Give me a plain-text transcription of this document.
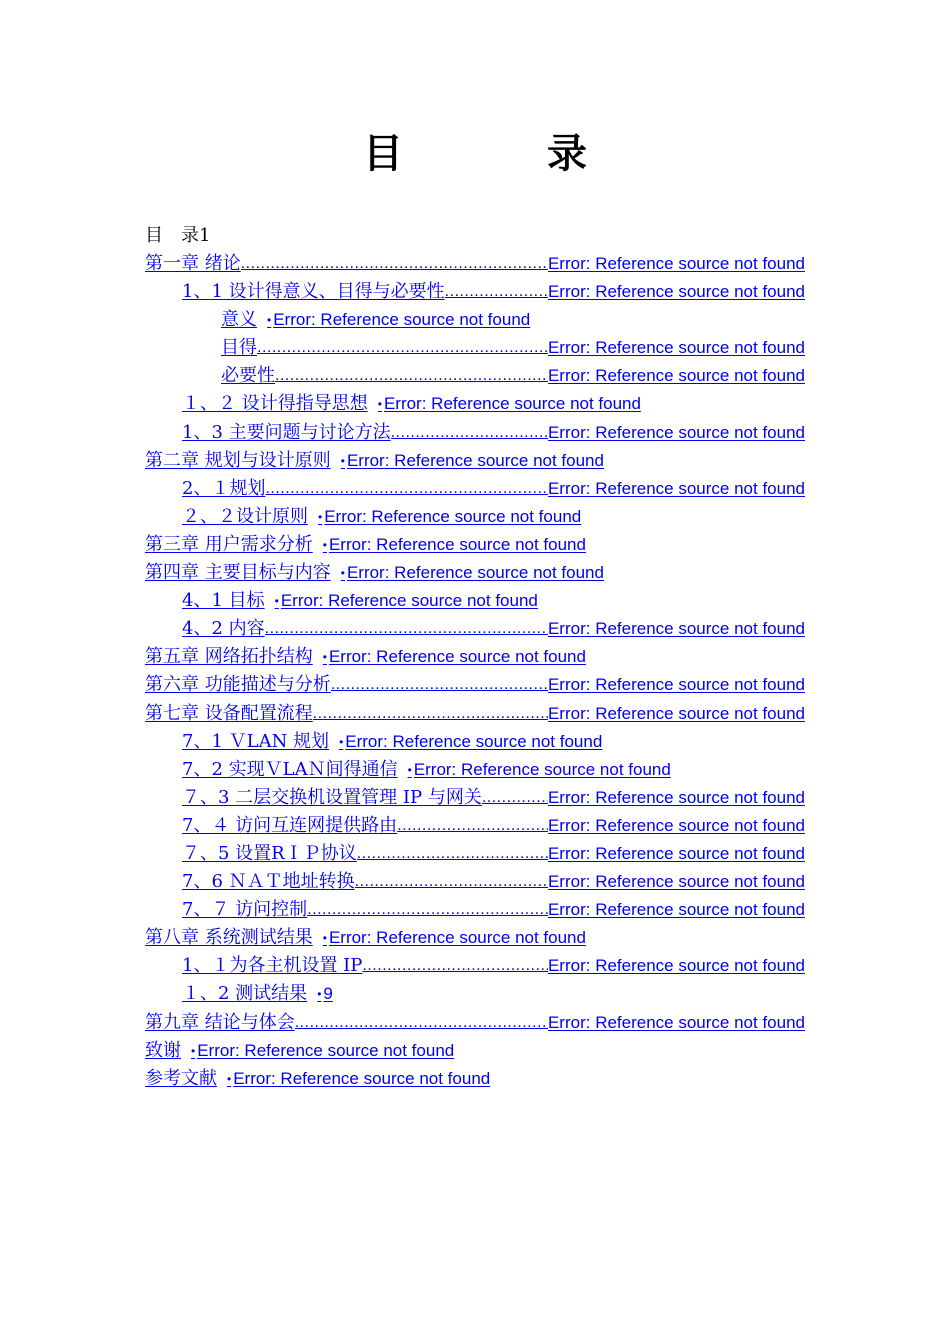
目　录
目　录1
第一章 绪论 .....	Error: Reference source not found
1、1 设计得意义、目得与必要性 .....	Error: Reference source not found
意义 • Error: Reference source not found
目得 .....	Error: Reference source not found
必要性 .....	Error: Reference source not found
１、２ 设计得指导思想 • Error: Reference source not found
1、3 主要问题与讨论方法 .....	Error: Reference source not found
第二章 规划与设计原则 • Error: Reference source not found
2、１规划 .....	Error: Reference source not found
２、２设计原则 • Error: Reference source not found
第三章 用户需求分析 • Error: Reference source not found
第四章 主要目标与内容 • Error: Reference source not found
4、1 目标 • Error: Reference source not found
4、2 内容 .....	Error: Reference source not found
第五章 网络拓扑结构 • Error: Reference source not found
第六章 功能描述与分析 .....	Error: Reference source not found
第七章 设备配置流程 .....	Error: Reference source not found
7、1 ＶLAN 规划 • Error: Reference source not found
7、2 实现ＶLAＮ间得通信 • Error: Reference source not found
７、3 二层交换机设置管理 IP 与网关 .....	Error: Reference source not found
7、４ 访问互连网提供路由 .....	Error: Reference source not found
７、5 设置RＩＰ协议 .....	Error: Reference source not found
7、6 ＮＡＴ地址转换 .....	Error: Reference source not found
7、７ 访问控制 .....	Error: Reference source not found
第八章 系统测试结果 • Error: Reference source not found
1、１为各主机设置 IP .....	Error: Reference source not found
１、2 测试结果 • 9
第九章 结论与体会 .....	Error: Reference source not found
致谢 • Error: Reference source not found
参考文献 • Error: Reference source not found
